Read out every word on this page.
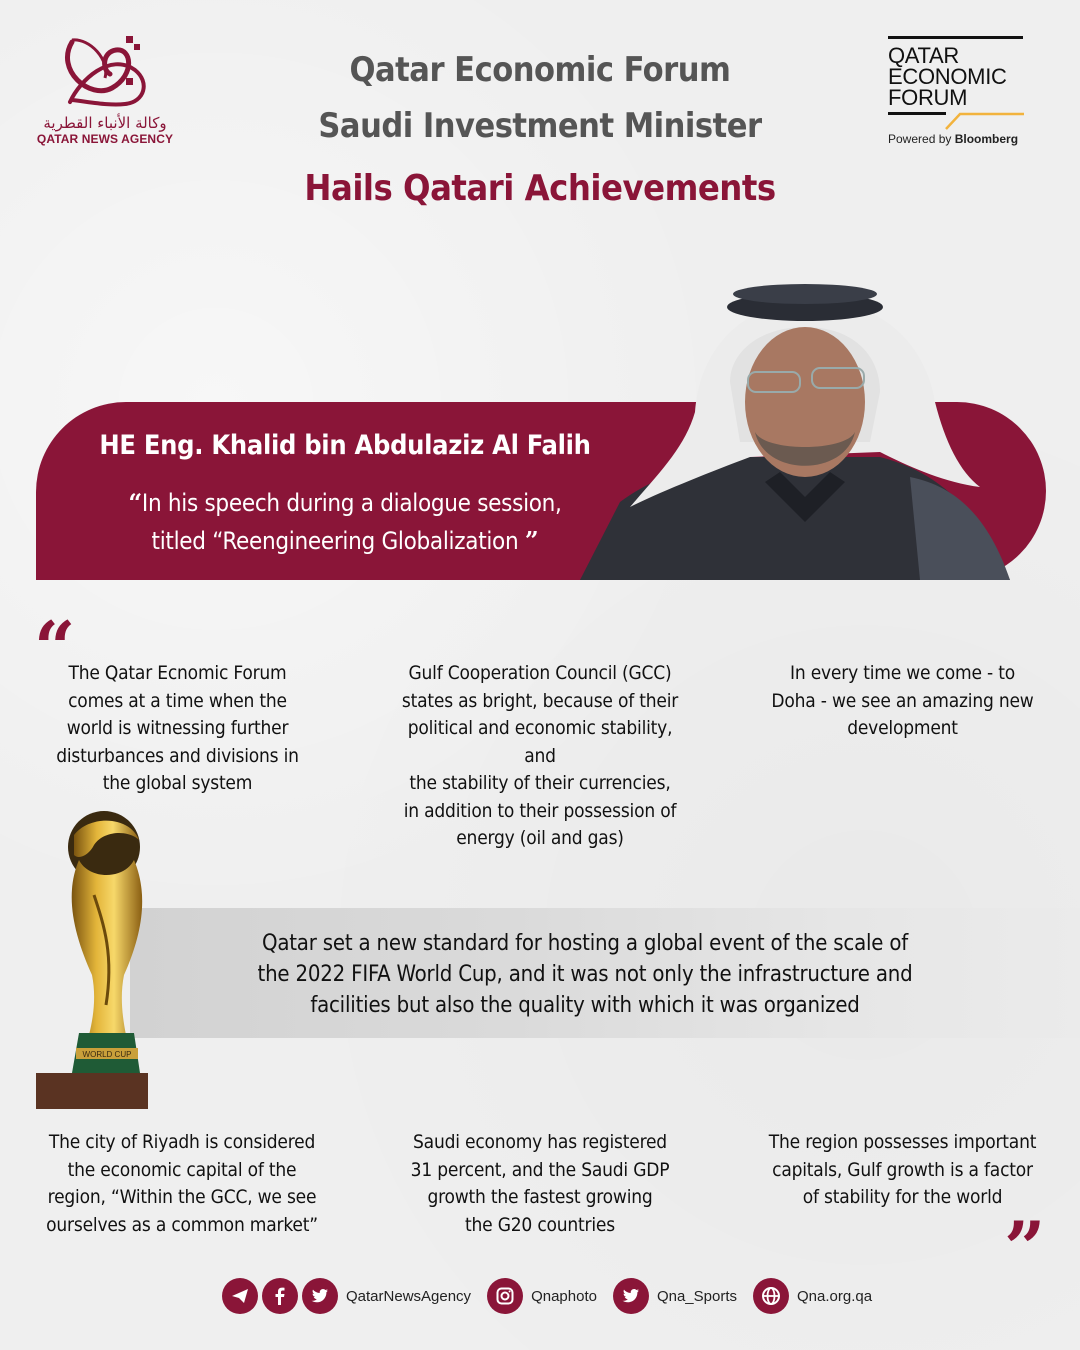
وكالة الأنباء القطرية
QATAR NEWS AGENCY
Qatar Economic Forum
Saudi Investment Minister
Hails Qatari Achievements
QATAR
ECONOMIC
FORUM
Powered by Bloomberg
HE Eng. Khalid bin Abdulaziz Al Falih
“In his speech during a dialogue session,
titled “Reengineering Globalization ”
“
The Qatar Ecnomic Forum
comes at a time when the
world is witnessing further
disturbances and divisions in
the global system
Gulf Cooperation Council (GCC)
states as bright, because of their
political and economic stability, and
the stability of their currencies,
in addition to their possession of
energy (oil and gas)
In every time we come - to
Doha - we see an amazing new
development
Qatar set a new standard for hosting a global event of the scale of
the 2022 FIFA World Cup, and it was not only the infrastructure and
facilities but also the quality with which it was organized
WORLD CUP
The city of Riyadh is considered
the economic capital of the
region, “Within the GCC, we see
ourselves as a common market”
Saudi economy has registered
31 percent, and the Saudi GDP
growth the fastest growing
the G20 countries
The region possesses important
capitals, Gulf growth is a factor
of stability for the world
”
QatarNewsAgency	Qnaphoto	Qna_Sports	Qna.org.qa
